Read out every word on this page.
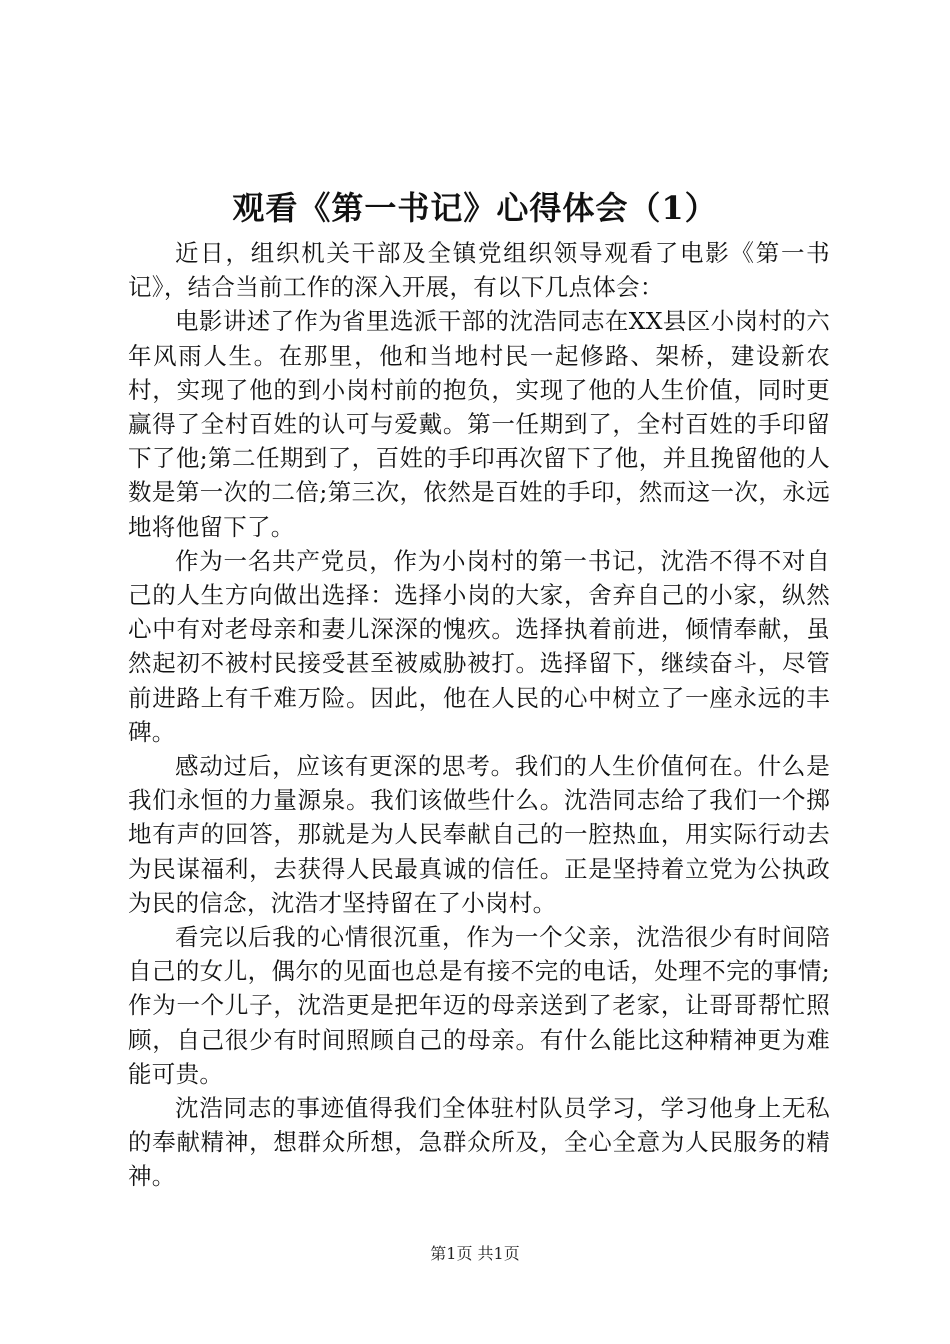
观看《第一书记》心得体会（1）

近日，组织机关干部及全镇党组织领导观看了电影《第一书记》，结合当前工作的深入开展，有以下几点体会：

电影讲述了作为省里选派干部的沈浩同志在XX县区小岗村的六年风雨人生。在那里，他和当地村民一起修路、架桥，建设新农村，实现了他的到小岗村前的抱负，实现了他的人生价值，同时更赢得了全村百姓的认可与爱戴。第一任期到了，全村百姓的手印留下了他;第二任期到了，百姓的手印再次留下了他，并且挽留他的人数是第一次的二倍;第三次，依然是百姓的手印，然而这一次，永远地将他留下了。

作为一名共产党员，作为小岗村的第一书记，沈浩不得不对自己的人生方向做出选择：选择小岗的大家，舍弃自己的小家，纵然心中有对老母亲和妻儿深深的愧疚。选择执着前进，倾情奉献，虽然起初不被村民接受甚至被威胁被打。选择留下，继续奋斗，尽管前进路上有千难万险。因此，他在人民的心中树立了一座永远的丰碑。

感动过后，应该有更深的思考。我们的人生价值何在。什么是我们永恒的力量源泉。我们该做些什么。沈浩同志给了我们一个掷地有声的回答，那就是为人民奉献自己的一腔热血，用实际行动去为民谋福利，去获得人民最真诚的信任。正是坚持着立党为公执政为民的信念，沈浩才坚持留在了小岗村。

看完以后我的心情很沉重，作为一个父亲，沈浩很少有时间陪自己的女儿，偶尔的见面也总是有接不完的电话，处理不完的事情;作为一个儿子，沈浩更是把年迈的母亲送到了老家，让哥哥帮忙照顾，自己很少有时间照顾自己的母亲。有什么能比这种精神更为难能可贵。

沈浩同志的事迹值得我们全体驻村队员学习，学习他身上无私的奉献精神，想群众所想，急群众所及，全心全意为人民服务的精神。

第1页 共1页
